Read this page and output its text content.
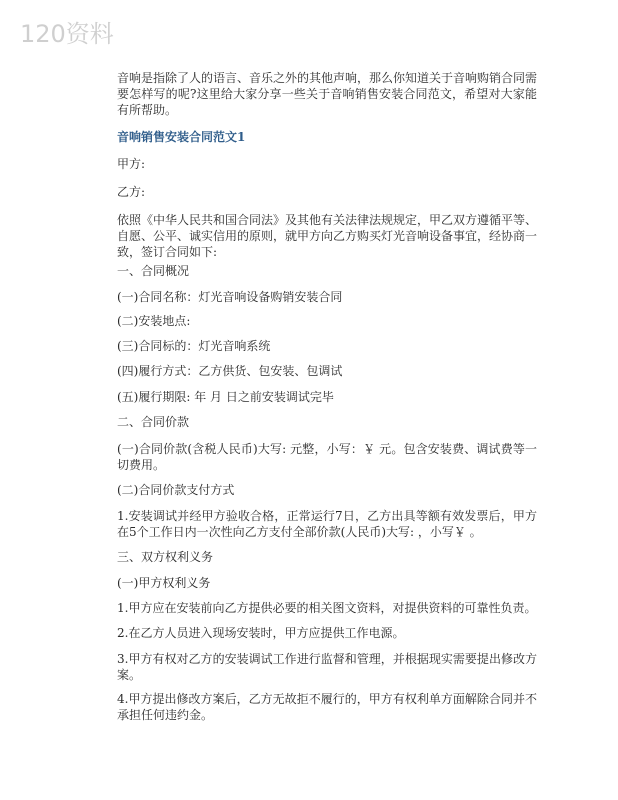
120资料

音响是指除了人的语言、音乐之外的其他声响，那么你知道关于音响购销合同需要怎样写的呢?这里给大家分享一些关于音响销售安装合同范文，希望对大家能有所帮助。

音响销售安装合同范文1

甲方:

乙方:

依照《中华人民共和国合同法》及其他有关法律法规规定，甲乙双方遵循平等、自愿、公平、诚实信用的原则，就甲方向乙方购买灯光音响设备事宜，经协商一致，签订合同如下:

一、合同概况

(一)合同名称：灯光音响设备购销安装合同

(二)安装地点:

(三)合同标的：灯光音响系统

(四)履行方式：乙方供货、包安装、包调试

(五)履行期限: 年 月 日之前安装调试完毕

二、合同价款

(一)合同价款(含税人民币)大写: 元整，小写：￥ 元。包含安装费、调试费等一切费用。

(二)合同价款支付方式

1.安装调试并经甲方验收合格，正常运行7日，乙方出具等额有效发票后，甲方在5个工作日内一次性向乙方支付全部价款(人民币)大写: ，小写￥ 。

三、双方权利义务

(一)甲方权利义务

1.甲方应在安装前向乙方提供必要的相关图文资料，对提供资料的可靠性负责。

2.在乙方人员进入现场安装时，甲方应提供工作电源。

3.甲方有权对乙方的安装调试工作进行监督和管理，并根据现实需要提出修改方案。

4.甲方提出修改方案后，乙方无故拒不履行的，甲方有权利单方面解除合同并不承担任何违约金。
